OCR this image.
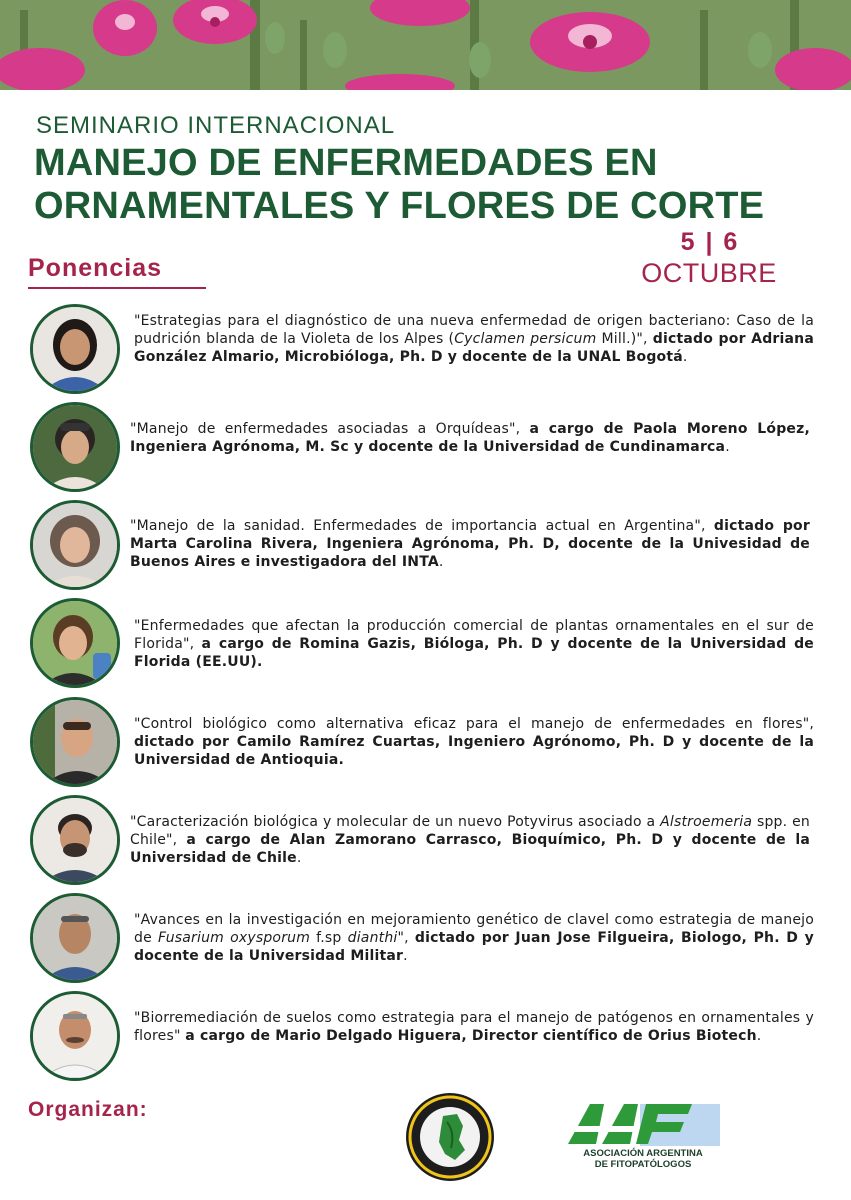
SEMINARIO INTERNACIONAL
MANEJO DE ENFERMEDADES EN
ORNAMENTALES Y FLORES DE CORTE
5 | 6
OCTUBRE
Ponencias
"Estrategias para el diagnóstico de una nueva enfermedad de origen bacteriano: Caso de la pudrición blanda de la Violeta de los Alpes (Cyclamen persicum Mill.)", dictado por Adriana González Almario, Microbióloga, Ph. D y docente de la UNAL Bogotá.
"Manejo de enfermedades asociadas a Orquídeas", a cargo de Paola Moreno López, Ingeniera Agrónoma, M. Sc y docente de la Universidad de Cundinamarca.
"Manejo de la sanidad. Enfermedades de importancia actual en Argentina", dictado por Marta Carolina Rivera, Ingeniera Agrónoma, Ph. D, docente de la Univesidad de Buenos Aires e investigadora del INTA.
"Enfermedades que afectan la producción comercial de plantas ornamentales en el sur de Florida", a cargo de Romina Gazis, Bióloga, Ph. D y docente de la Universidad de Florida (EE.UU).
"Control biológico como alternativa eficaz para el manejo de enfermedades en flores", dictado por Camilo Ramírez Cuartas, Ingeniero Agrónomo, Ph. D y docente de la Universidad de Antioquia.
"Caracterización biológica y molecular de un nuevo Potyvirus asociado a Alstroemeria spp. en Chile", a cargo de Alan Zamorano Carrasco, Bioquímico, Ph. D y docente de la Universidad de Chile.
"Avances en la investigación en mejoramiento genético de clavel como estrategia de manejo de Fusarium oxysporum f.sp dianthi", dictado por Juan Jose Filgueira, Biologo, Ph. D y docente de la Universidad Militar.
"Biorremediación de suelos como estrategia para el manejo de patógenos en ornamentales y flores" a cargo de Mario Delgado Higuera, Director científico de Orius Biotech.
Organizan:
ASOCIACIÓN ARGENTINA
DE FITOPATÓLOGOS
